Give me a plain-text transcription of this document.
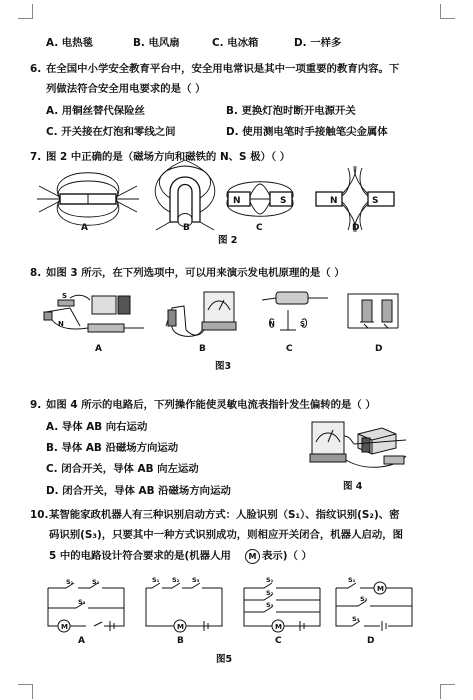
A. 电热毯	B. 电风扇	C. 电冰箱	D. 一样多
6. 在全国中小学安全教育平台中，安全用电常识是其中一项重要的教育内容。下
列做法符合安全用电要求的是（ ）
A. 用铜丝替代保险丝	B. 更换灯泡时断开电源开关
C. 开关接在灯泡和零线之间	D. 使用测电笔时手接触笔尖金属体
7. 图 2 中正确的是（磁场方向和磁铁的 N、S 极）（ ）
N	S	N	S
A	B	C	D
图 2
8. 如图 3 所示，在下列选项中，可以用来演示发电机原理的是（ ）
S
N	N	S
A	B	C	D
图3
9. 如图 4 所示的电路后，下列操作能使灵敏电流表指针发生偏转的是（ ）
A. 导体 AB 向右运动
B. 导体 AB 沿磁场方向运动
C. 闭合开关，导体 AB 向左运动
D. 闭合开关，导体 AB 沿磁场方向运动	图 4
10. 某智能家政机器人有三种识别启动方式：人脸识别（S₁）、指纹识别(S₂)、密
码识别(S₃)，只要其中一种方式识别成功，则相应开关闭合，机器人启动，图
5 中的电路设计符合要求的是(机器人用	M 表示)（ ）
M
S₁	S₂
S₃
M
S₁ S₂ S₃
M
S₁
S₂
S₃
M
S₁
S₂
S₃
A	B	C	D
图5
